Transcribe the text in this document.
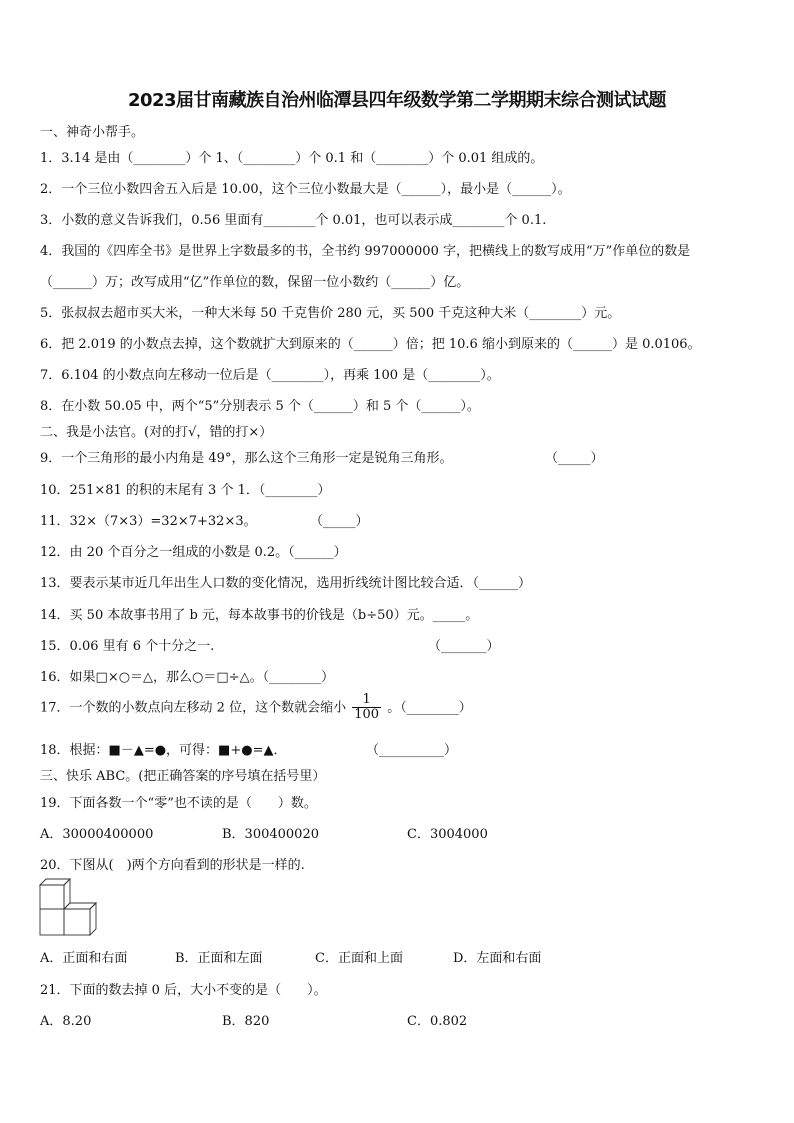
2023届甘南藏族自治州临潭县四年级数学第二学期期末综合测试试题
一、神奇小帮手。
1．3.14 是由（________）个 1、（________）个 0.1 和（________）个 0.01 组成的。
2．一个三位小数四舍五入后是 10.00，这个三位小数最大是（______），最小是（______）。
3．小数的意义告诉我们，0.56 里面有________个 0.01，也可以表示成________个 0.1.
4．我国的《四库全书》是世界上字数最多的书，全书约 997000000 字，把横线上的数写成用“万”作单位的数是
（______）万；改写成用“亿”作单位的数，保留一位小数约（______）亿。
5．张叔叔去超市买大米，一种大米每 50 千克售价 280 元，买 500 千克这种大米（________）元。
6．把 2.019 的小数点去掉，这个数就扩大到原来的（______）倍；把 10.6 缩小到原来的（______）是 0.0106。
7．6.104 的小数点向左移动一位后是（________），再乘 100 是（________）。
8．在小数 50.05 中，两个“5”分别表示 5 个（______）和 5 个（______）。
二、我是小法官。(对的打√，错的打×）
9．一个三角形的最小内角是 49°，那么这个三角形一定是锐角三角形。	（_____）
10．251×81 的积的末尾有 3 个 1．（________）
11．32×（7×3）=32×7+32×3。	（_____）
12．由 20 个百分之一组成的小数是 0.2。（______）
13．要表示某市近几年出生人口数的变化情况，选用折线统计图比较合适．（______）
14．买 50 本故事书用了 b 元，每本故事书的价钱是（b÷50）元。_____。
15．0.06 里有 6 个十分之一.	（_______）
16．如果□×○＝△，那么○＝□÷△。（________）
17．一个数的小数点向左移动 2 位，这个数就会缩小 $\frac{1}{100}$ 。（________）
18．根据：■－▲=●，可得：■+●=▲．	（__________）
三、快乐 ABC。(把正确答案的序号填在括号里）
19．下面各数一个“零”也不读的是（　　）数。
A．30000400000	B．300400020	C．3004000
20．下图从(　)两个方向看到的形状是一样的.
A．正面和右面	B．正面和左面	C．正面和上面	D．左面和右面
21．下面的数去掉 0 后，大小不变的是（　　）。
A．8.20	B．820	C．0.802
